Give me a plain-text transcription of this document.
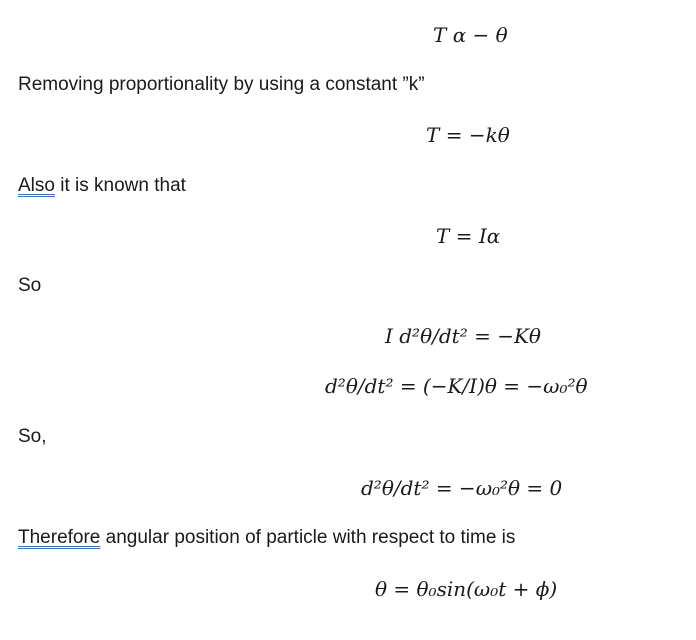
T α − θ
Removing proportionality by using a constant ”k”
T = −kθ
Also it is known that
T = Iα
So
I d²θ/dt² = −Kθ
d²θ/dt² = (−K/I)θ = −ω₀²θ
So,
d²θ/dt² = −ω₀²θ = 0
Therefore angular position of particle with respect to time is
θ = θ₀sin(ω₀t + ϕ)
